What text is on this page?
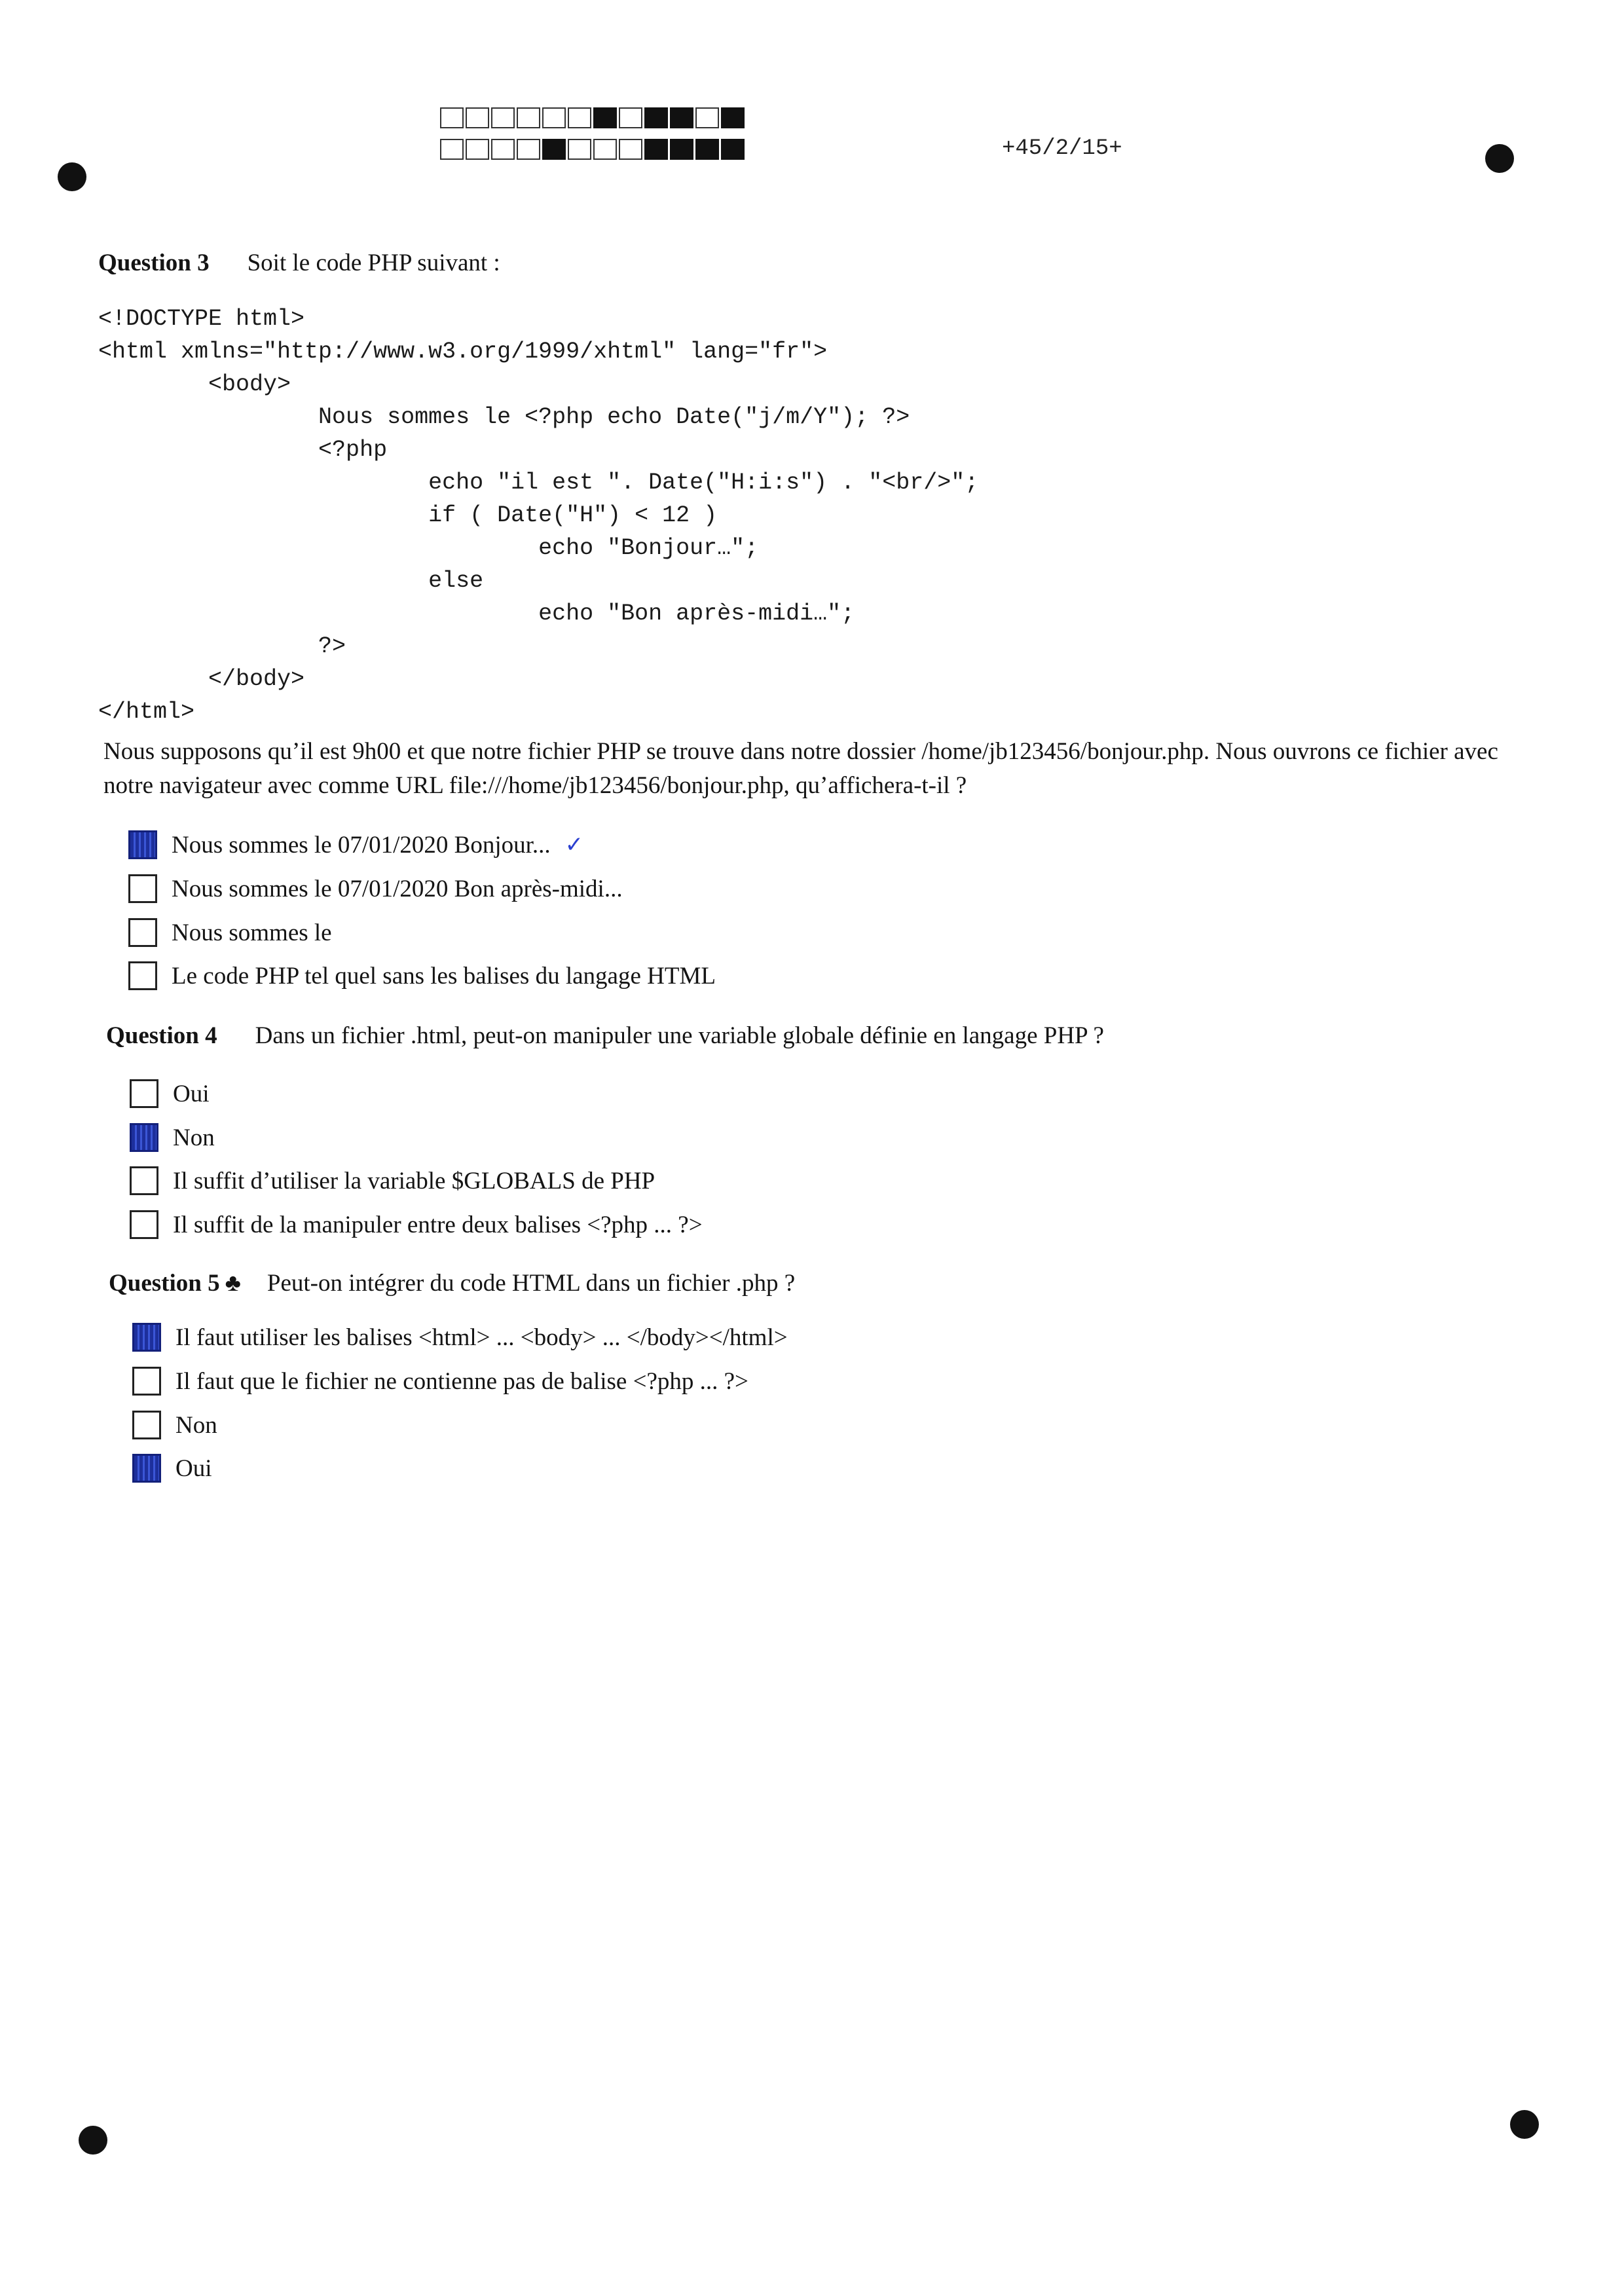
+45/2/15+
Question 3 Soit le code PHP suivant :
<!DOCTYPE html>
<html xmlns="http://www.w3.org/1999/xhtml" lang="fr">
<body>
Nous sommes le <?php echo Date("j/m/Y"); ?>
<?php
echo "il est ". Date("H:i:s") . "<br/>";
if ( Date("H") < 12 )
echo "Bonjour…";
else
echo "Bon après-midi…";
?>
</body>
</html>
Nous supposons qu’il est 9h00 et que notre fichier PHP se trouve dans notre dossier /home/jb123456/bonjour.php. Nous ouvrons ce fichier avec notre navigateur avec comme URL file:///home/jb123456/bonjour.php, qu’affichera-t-il ?
Nous sommes le 07/01/2020 Bonjour... ✓
Nous sommes le 07/01/2020 Bon après-midi...
Nous sommes le
Le code PHP tel quel sans les balises du langage HTML
Question 4 Dans un fichier .html, peut-on manipuler une variable globale définie en langage PHP ?
Oui
Non
Il suffit d’utiliser la variable $GLOBALS de PHP
Il suffit de la manipuler entre deux balises <?php ... ?>
Question 5 ♣ Peut-on intégrer du code HTML dans un fichier .php ?
Il faut utiliser les balises <html> ... <body> ... </body></html>
Il faut que le fichier ne contienne pas de balise <?php ... ?>
Non
Oui
